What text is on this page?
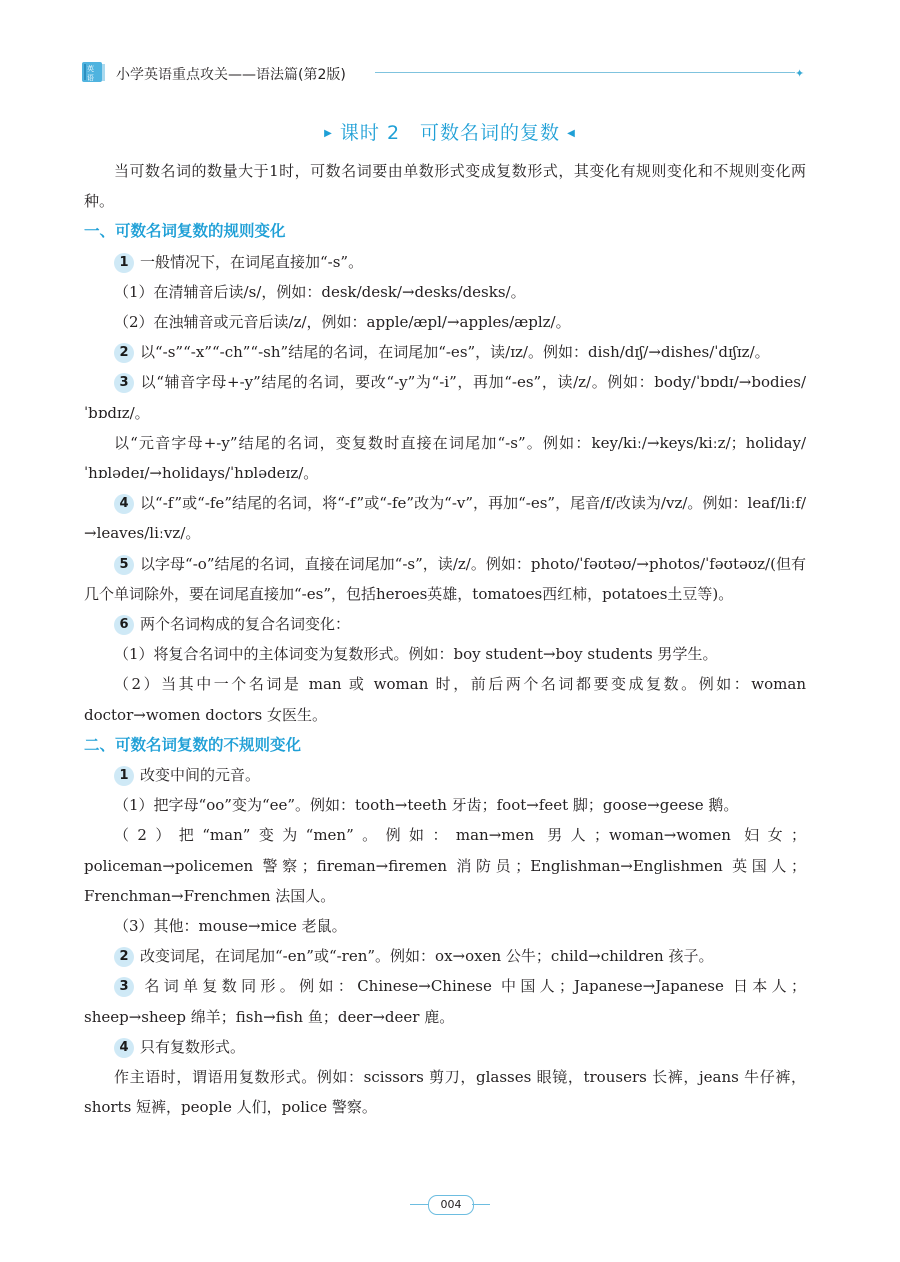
英语	小学英语重点攻关——语法篇(第2版)	✦
▶ 课时 2　可数名词的复数 ◀

当可数名词的数量大于1时，可数名词要由单数形式变成复数形式，其变化有规则变化和不规则变化两种。

一、可数名词复数的规则变化

1 一般情况下，在词尾直接加“-s”。

（1）在清辅音后读/s/，例如：desk/desk/→desks/desks/。

（2）在浊辅音或元音后读/z/，例如：apple/æpl/→apples/æplz/。

2 以“-s”“-x”“-ch”“-sh”结尾的名词，在词尾加“-es”，读/ɪz/。例如：dish/dɪʃ/→dishes/ˈdɪʃɪz/。

3 以“辅音字母+-y”结尾的名词，要改“-y”为“-i”，再加“-es”，读/z/。例如：body/ˈbɒdɪ/→bodies/ˈbɒdɪz/。

以“元音字母+-y”结尾的名词，变复数时直接在词尾加“-s”。例如：key/kiː/→keys/kiːz/；holiday/ˈhɒlədeɪ/→holidays/ˈhɒlədeɪz/。

4 以“-f”或“-fe”结尾的名词，将“-f”或“-fe”改为“-v”，再加“-es”，尾音/f/改读为/vz/。例如：leaf/liːf/→leaves/liːvz/。

5 以字母“-o”结尾的名词，直接在词尾加“-s”，读/z/。例如：photo/ˈfəʊtəʊ/→photos/ˈfəʊtəʊz/(但有几个单词除外，要在词尾直接加“-es”，包括heroes英雄，tomatoes西红柿，potatoes土豆等)。

6 两个名词构成的复合名词变化：

（1）将复合名词中的主体词变为复数形式。例如：boy student→boy students 男学生。

（2）当其中一个名词是 man 或 woman 时，前后两个名词都要变成复数。例如：woman doctor→women doctors 女医生。

二、可数名词复数的不规则变化

1 改变中间的元音。

（1）把字母“oo”变为“ee”。例如：tooth→teeth 牙齿；foot→feet 脚；goose→geese 鹅。

（2）把“man”变为“men”。例如：man→men 男人；woman→women 妇女；policeman→policemen 警察；fireman→firemen 消防员；Englishman→Englishmen 英国人；Frenchman→Frenchmen 法国人。

（3）其他：mouse→mice 老鼠。

2 改变词尾，在词尾加“-en”或“-ren”。例如：ox→oxen 公牛；child→children 孩子。

3 名词单复数同形。例如：Chinese→Chinese 中国人；Japanese→Japanese 日本人；sheep→sheep 绵羊；fish→fish 鱼；deer→deer 鹿。

4 只有复数形式。

作主语时，谓语用复数形式。例如：scissors 剪刀，glasses 眼镜，trousers 长裤，jeans 牛仔裤，shorts 短裤，people 人们，police 警察。

004
